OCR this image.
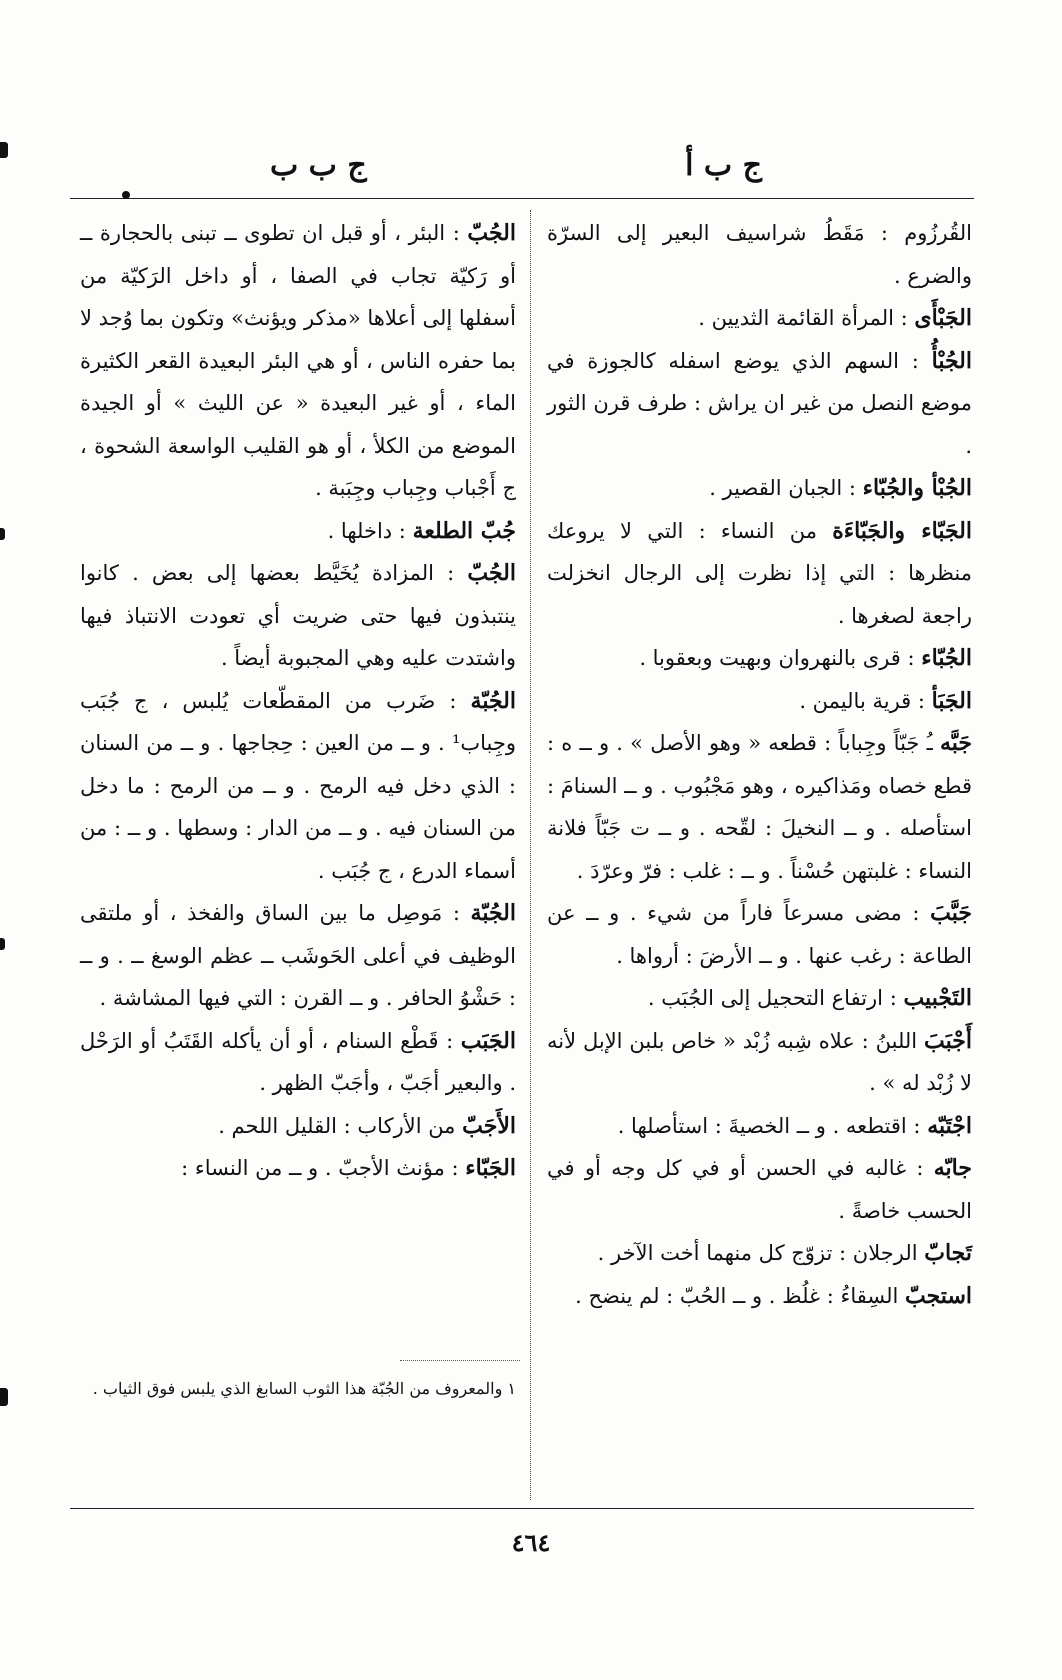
ج ب أ
ج ب ب

القُرزُوم : مَقَطُ شراسيف البعير إلى السرّة والضرع .

الجَبْأَى : المرأة القائمة الثديين .

الجُبْأُ : السهم الذي يوضع اسفله كالجوزة في موضع النصل من غير ان يراش : طرف قرن الثور .

الجُبْأ والجُبّاء : الجبان القصير .

الجَبّاء والجَبّاءَة من النساء : التي لا يروعك منظرها : التي إذا نظرت إلى الرجال انخزلت راجعة لصغرها .

الجُبّاء : قرى بالنهروان وبهيت وبعقوبا .

الجَبَأ : قرية باليمن .

جَبَّه ـُ جَبّاً وجِباباً : قطعه « وهو الأصل » . و ــ ه : قطع خصاه ومَذاكيره ، وهو مَجْبُوب . و ــ السنامَ : استأصله . و ــ النخيلَ : لقّحه . و ــ ت جَبّاً فلانة النساء : غلبتهن حُسْناً . و ــ : غلب : فرّ وعرّدَ .

جَبَّبَ : مضى مسرعاً فاراً من شيء . و ــ عن الطاعة : رغب عنها . و ــ الأرضَ : أرواها .

التَجْبيب : ارتفاع التحجيل إلى الجُبَب .

أَجْبَبَ اللبنُ : علاه شِبه زُبْد « خاص بلبن الإبل لأنه لا زُبْد له » .

اجْتَبّه : اقتطعه . و ــ الخصيةَ : استأصلها .

جابّه : غالبه في الحسن أو في كل وجه أو في الحسب خاصةً .

تَجابّ الرجلان : تزوّج كل منهما أخت الآخر .

استجبّ السِقاءُ : غلُظ . و ــ الحُبّ : لم ينضح .

الجُبّ : البئر ، أو قبل ان تطوى ــ تبنى بالحجارة ــ أو رَكيّة تجاب في الصفا ، أو داخل الرَكيّة من أسفلها إلى أعلاها «مذكر ويؤنث» وتكون بما وُجد لا بما حفره الناس ، أو هي البئر البعيدة القعر الكثيرة الماء ، أو غير البعيدة « عن الليث » أو الجيدة الموضع من الكلأ ، أو هو القليب الواسعة الشحوة ، ج أَجْباب وجِباب وجِبَبة .

جُبّ الطلعة : داخلها .

الجُبّ : المزادة يُخَيَّط بعضها إلى بعض . كانوا ينتبذون فيها حتى ضريت أي تعودت الانتباذ فيها واشتدت عليه وهي المجبوبة أيضاً .

الجُبّة : ضَرب من المقطّعات يُلبس ، ج جُبَب وجِباب¹ . و ــ من العين : حِجاجها . و ــ من السنان : الذي دخل فيه الرمح . و ــ من الرمح : ما دخل من السنان فيه . و ــ من الدار : وسطها . و ــ : من أسماء الدرع ، ج جُبَب .

الجُبّة : مَوصِل ما بين الساق والفخذ ، أو ملتقى الوظيف في أعلى الحَوشَب ــ عظم الوسغ ــ . و ــ : حَشْوُ الحافر . و ــ القرن : التي فيها المشاشة .

الجَبَب : قَطْع السنام ، أو أن يأكله القَتَبُ أو الرَحْل . والبعير أجَبّ ، وأجَبّ الظهر .

الأَجَبّ من الأركاب : القليل اللحم .

الجَبّاء : مؤنث الأجبّ . و ــ من النساء :

١ والمعروف من الجُبّة هذا الثوب السابغ الذي يلبس فوق الثياب .
٤٦٤
